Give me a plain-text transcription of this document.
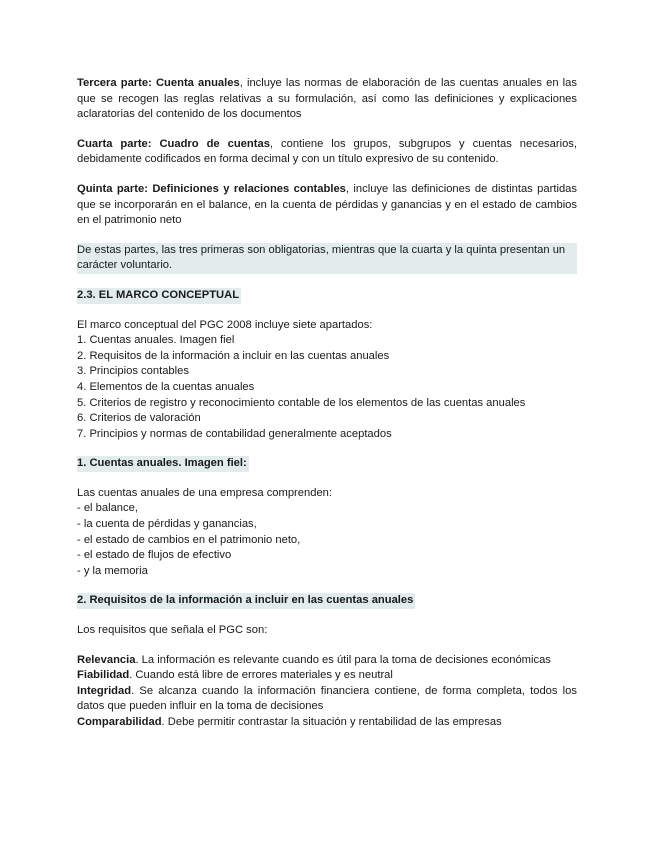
Tercera parte: Cuenta anuales, incluye las normas de elaboración de las cuentas anuales en las que se recogen las reglas relativas a su formulación, así como las definiciones y explicaciones aclaratorias del contenido de los documentos

Cuarta parte: Cuadro de cuentas, contiene los grupos, subgrupos y cuentas necesarios, debidamente codificados en forma decimal y con un título expresivo de su contenido.

Quinta parte: Definiciones y relaciones contables, incluye las definiciones de distintas partidas que se incorporarán en el balance, en la cuenta de pérdidas y ganancias y en el estado de cambios en el patrimonio neto

De estas partes, las tres primeras son obligatorias, mientras que la cuarta y la quinta presentan un carácter voluntario.

2.3. EL MARCO CONCEPTUAL

El marco conceptual del PGC 2008 incluye siete apartados:

1. Cuentas anuales. Imagen fiel
2. Requisitos de la información a incluir en las cuentas anuales
3. Principios contables
4. Elementos de la cuentas anuales
5. Criterios de registro y reconocimiento contable de los elementos de las cuentas anuales
6. Criterios de valoración
7. Principios y normas de contabilidad generalmente aceptados

1. Cuentas anuales. Imagen fiel:

Las cuentas anuales de una empresa comprenden:

- el balance,
- la cuenta de pérdidas y ganancias,
- el estado de cambios en el patrimonio neto,
- el estado de flujos de efectivo
- y la memoria

2. Requisitos de la información a incluir en las cuentas anuales

Los requisitos que señala el PGC son:

Relevancia. La información es relevante cuando es útil para la toma de decisiones económicas

Fiabilidad. Cuando está libre de errores materiales y es neutral

Integridad. Se alcanza cuando la información financiera contiene, de forma completa, todos los datos que pueden influir en la toma de decisiones

Comparabilidad. Debe permitir contrastar la situación y rentabilidad de las empresas
